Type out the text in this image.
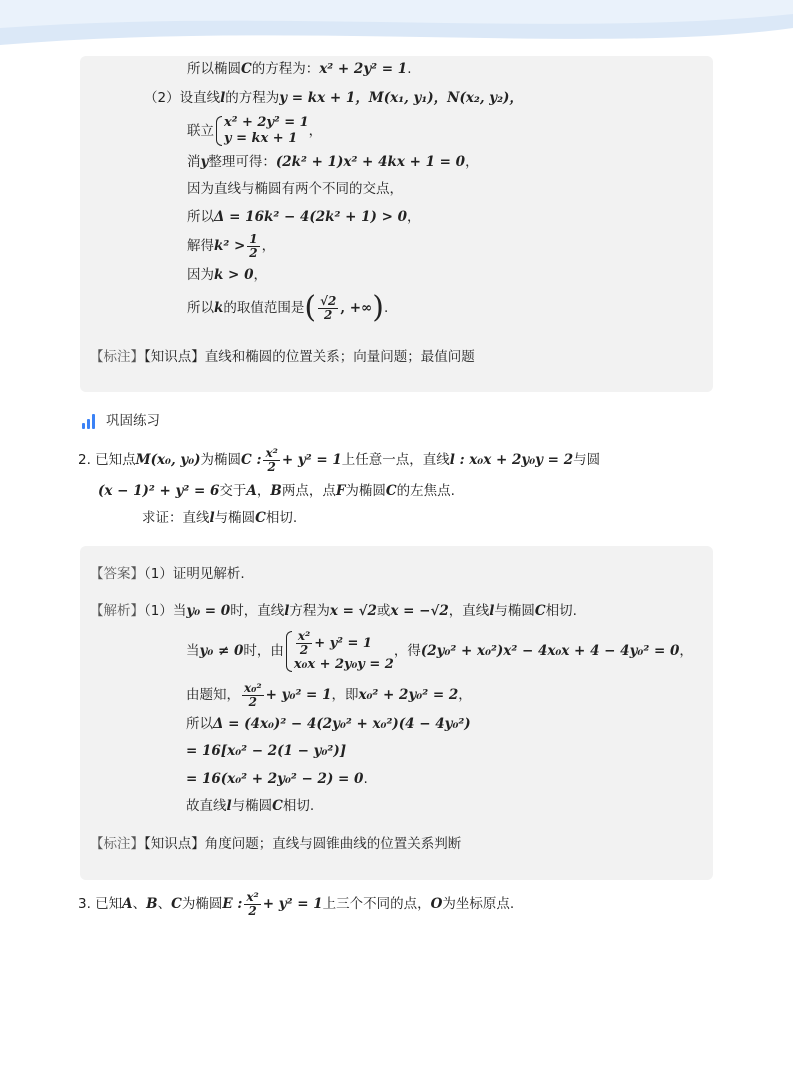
所以椭圆C的方程为：x² + 2y² = 1.
（2）设直线l的方程为y = kx + 1，M(x₁, y₁)，N(x₂, y₂)，
联立
x² + 2y² = 1
y = kx + 1 ，
消y整理可得：(2k² + 1)x² + 4kx + 1 = 0，
因为直线与椭圆有两个不同的交点，
所以Δ = 16k² − 4(2k² + 1) > 0，
解得$k^2 > \frac{1}{2}$ ，
因为k > 0，
所以k的取值范围是( $\frac{√2}{2}$ , +∞).
【标注】【知识点】直线和椭圆的位置关系；向量问题；最值问题
巩固练习
2. 已知点M(x₀, y₀)为椭圆C : $\frac{\text{x²}}{2} + y^2 = 1$上任意一点，直线l : x₀x + 2y₀y = 2与圆
(x − 1)² + y² = 6交于A，B两点，点F为椭圆C的左焦点.
求证：直线l与椭圆C相切.
【答案】（1）证明见解析.
【解析】（1）当y₀ = 0时，直线l方程为x = √2或x = −√2，直线l与椭圆C相切.
当y₀ ≠ 0时，由 $\frac{\text{x²}}{2} + y^2 = 1$
x₀x + 2y₀y = 2
，得(2y₀² + x₀²)x² − 4x₀x + 4 − 4y₀² = 0，
由题知， $\frac{\text{x₀²}}{2} + y_0^2 = 1$，即x₀² + 2y₀² = 2，
所以Δ = (4x₀)² − 4(2y₀² + x₀²)(4 − 4y₀²)
= 16[x₀² − 2(1 − y₀²)]
= 16(x₀² + 2y₀² − 2) = 0.
故直线l与椭圆C相切.
【标注】【知识点】角度问题；直线与圆锥曲线的位置关系判断
3. 已知A、B、C为椭圆E : $\frac{\text{x²}}{2} + y^2 = 1$上三个不同的点，O为坐标原点.
